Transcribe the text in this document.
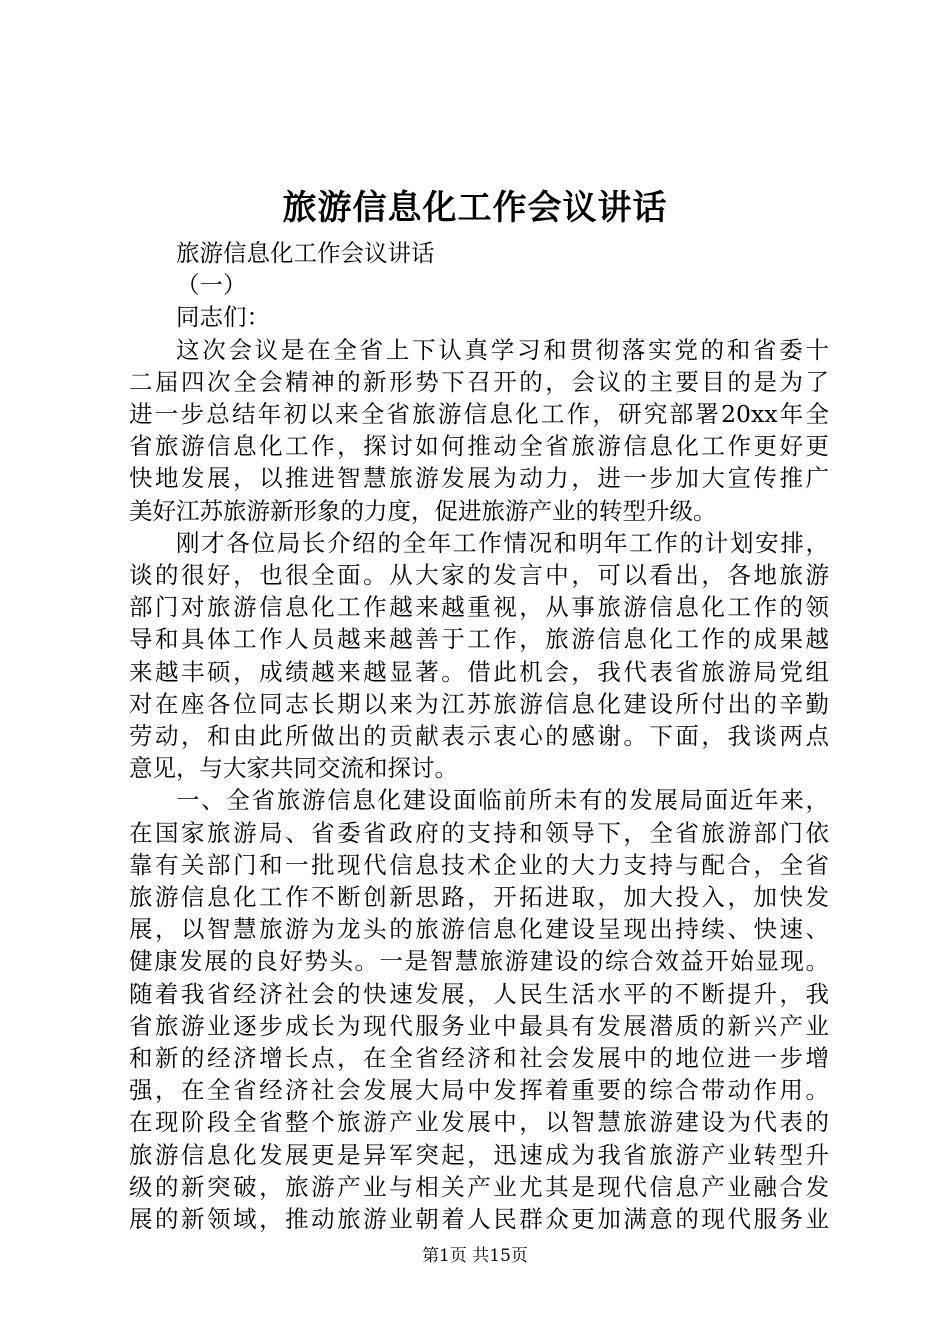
旅游信息化工作会议讲话
旅游信息化工作会议讲话
（一）
同志们：
这次会议是在全省上下认真学习和贯彻落实党的和省委十
二届四次全会精神的新形势下召开的，会议的主要目的是为了
进一步总结年初以来全省旅游信息化工作，研究部署20xx年全
省旅游信息化工作，探讨如何推动全省旅游信息化工作更好更
快地发展，以推进智慧旅游发展为动力，进一步加大宣传推广
美好江苏旅游新形象的力度，促进旅游产业的转型升级。
刚才各位局长介绍的全年工作情况和明年工作的计划安排，
谈的很好，也很全面。从大家的发言中，可以看出，各地旅游
部门对旅游信息化工作越来越重视，从事旅游信息化工作的领
导和具体工作人员越来越善于工作，旅游信息化工作的成果越
来越丰硕，成绩越来越显著。借此机会，我代表省旅游局党组
对在座各位同志长期以来为江苏旅游信息化建设所付出的辛勤
劳动，和由此所做出的贡献表示衷心的感谢。下面，我谈两点
意见，与大家共同交流和探讨。
一、全省旅游信息化建设面临前所未有的发展局面近年来，
在国家旅游局、省委省政府的支持和领导下，全省旅游部门依
靠有关部门和一批现代信息技术企业的大力支持与配合，全省
旅游信息化工作不断创新思路，开拓进取，加大投入，加快发
展，以智慧旅游为龙头的旅游信息化建设呈现出持续、快速、
健康发展的良好势头。一是智慧旅游建设的综合效益开始显现。
随着我省经济社会的快速发展，人民生活水平的不断提升，我
省旅游业逐步成长为现代服务业中最具有发展潜质的新兴产业
和新的经济增长点，在全省经济和社会发展中的地位进一步增
强，在全省经济社会发展大局中发挥着重要的综合带动作用。
在现阶段全省整个旅游产业发展中，以智慧旅游建设为代表的
旅游信息化发展更是异军突起，迅速成为我省旅游产业转型升
级的新突破，旅游产业与相关产业尤其是现代信息产业融合发
展的新领域，推动旅游业朝着人民群众更加满意的现代服务业
第1页 共15页
